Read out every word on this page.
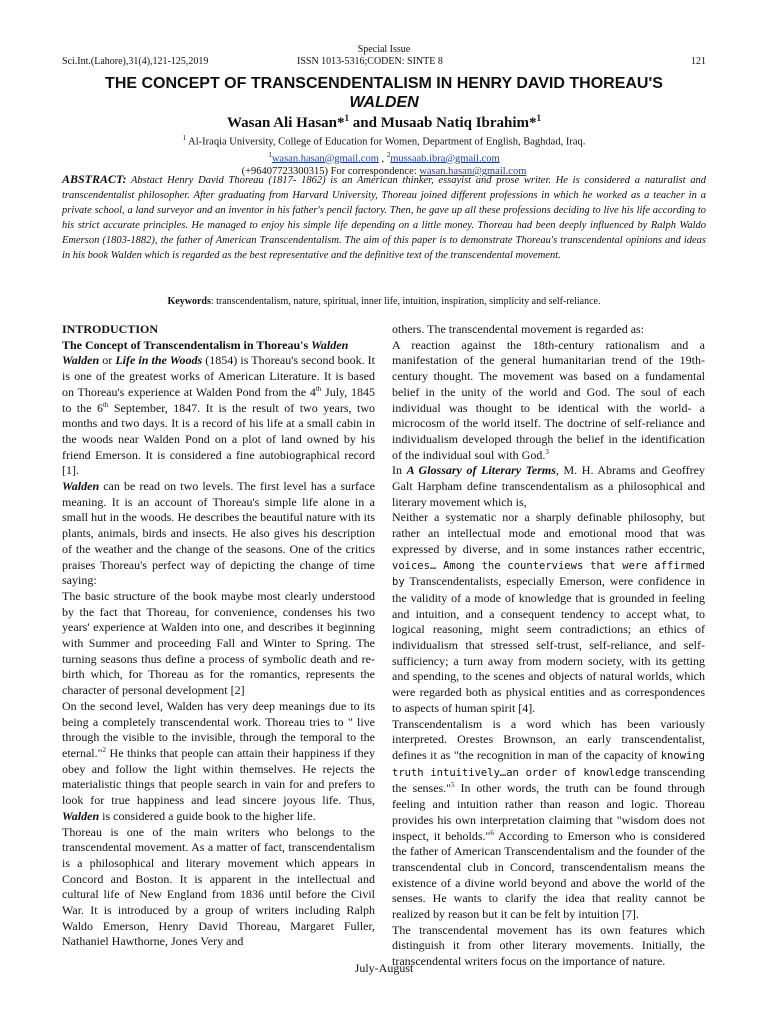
Special Issue
Sci.Int.(Lahore),31(4),121-125,2019	ISSN 1013-5316;CODEN: SINTE 8	121
THE CONCEPT OF TRANSCENDENTALISM IN HENRY DAVID THOREAU'S
WALDEN
Wasan Ali Hasan*$^1$ and Musaab Natiq Ibrahim*$^1$
$^1$ Al-Iraqia University, College of Education for Women, Department of English, Baghdad, Iraq.
$^1$wasan.hasan@gmail.com , $^2$mussaab.ibra@gmail.com
(+96407723300315) For correspondence: wasan.hasan@gmail.com
ABSTRACT: Abstact Henry David Thoreau (1817- 1862) is an American thinker, essayist and prose writer. He is considered a naturalist and transcendentalist philosopher. After graduating from Harvard University, Thoreau joined different professions in which he worked as a teacher in a private school, a land surveyor and an inventor in his father's pencil factory. Then, he gave up all these professions deciding to live his life according to his strict accurate principles. He managed to enjoy his simple life depending on a little money. Thoreau had been deeply influenced by Ralph Waldo Emerson (1803-1882), the father of American Transcendentalism. The aim of this paper is to demonstrate Thoreau's transcendental opinions and ideas in his book Walden which is regarded as the best representative and the definitive text of the transcendental movement.
Keywords: transcendentalism, nature, spiritual, inner life, intuition, inspiration, simplicity and self-reliance.

INTRODUCTION

The Concept of Transcendentalism in Thoreau's Walden

Walden or Life in the Woods (1854) is Thoreau's second book. It is one of the greatest works of American Literature. It is based on Thoreau's experience at Walden Pond from the 4th July, 1845 to the 6th September, 1847. It is the result of two years, two months and two days. It is a record of his life at a small cabin in the woods near Walden Pond on a plot of land owned by his friend Emerson. It is considered a fine autobiographical record [1].

Walden can be read on two levels. The first level has a surface meaning. It is an account of Thoreau's simple life alone in a small hut in the woods. He describes the beautiful nature with its plants, animals, birds and insects. He also gives his description of the weather and the change of the seasons. One of the critics praises Thoreau's perfect way of depicting the change of time saying:

The basic structure of the book maybe most clearly understood by the fact that Thoreau, for convenience, condenses his two years' experience at Walden into one, and describes it beginning with Summer and proceeding Fall and Winter to Spring. The turning seasons thus define a process of symbolic death and re-birth which, for Thoreau as for the romantics, represents the character of personal development [2]

On the second level, Walden has very deep meanings due to its being a completely transcendental work. Thoreau tries to " live through the visible to the invisible, through the temporal to the eternal."$^2$ He thinks that people can attain their happiness if they obey and follow the light within themselves. He rejects the materialistic things that people search in vain for and prefers to look for true happiness and lead sincere joyous life. Thus, Walden is considered a guide book to the higher life.

Thoreau is one of the main writers who belongs to the transcendental movement. As a matter of fact, transcendentalism is a philosophical and literary movement which appears in Concord and Boston. It is apparent in the intellectual and cultural life of New England from 1836 until before the Civil War. It is introduced by a group of writers including Ralph Waldo Emerson, Henry David Thoreau, Margaret Fuller, Nathaniel Hawthorne, Jones Very and

others. The transcendental movement is regarded as:

A reaction against the 18th-century rationalism and a manifestation of the general humanitarian trend of the 19th-century thought. The movement was based on a fundamental belief in the unity of the world and God. The soul of each individual was thought to be identical with the world- a microcosm of the world itself. The doctrine of self-reliance and individualism developed through the belief in the identification of the individual soul with God.$^3$

In A Glossary of Literary Terms, M. H. Abrams and Geoffrey Galt Harpham define transcendentalism as a philosophical and literary movement which is,

Neither a systematic nor a sharply definable philosophy, but rather an intellectual mode and emotional mood that was expressed by diverse, and in some instances rather eccentric, voices… Among the counterviews that were affirmed by Transcendentalists, especially Emerson, were confidence in the validity of a mode of knowledge that is grounded in feeling and intuition, and a consequent tendency to accept what, to logical reasoning, might seem contradictions; an ethics of individualism that stressed self-trust, self-reliance, and self-sufficiency; a turn away from modern society, with its getting and spending, to the scenes and objects of natural worlds, which were regarded both as physical entities and as correspondences to aspects of human spirit [4].

Transcendentalism is a word which has been variously interpreted. Orestes Brownson, an early transcendentalist, defines it as "the recognition in man of the capacity of knowing truth intuitively…an order of knowledge transcending the senses."$^5$ In other words, the truth can be found through feeling and intuition rather than reason and logic. Thoreau provides his own interpretation claiming that "wisdom does not inspect, it beholds."$^6$ According to Emerson who is considered the father of American Transcendentalism and the founder of the transcendental club in Concord, transcendentalism means the existence of a divine world beyond and above the world of the senses. He wants to clarify the idea that reality cannot be realized by reason but it can be felt by intuition [7].

The transcendental movement has its own features which distinguish it from other literary movements. Initially, the transcendental writers focus on the importance of nature.

July-August
